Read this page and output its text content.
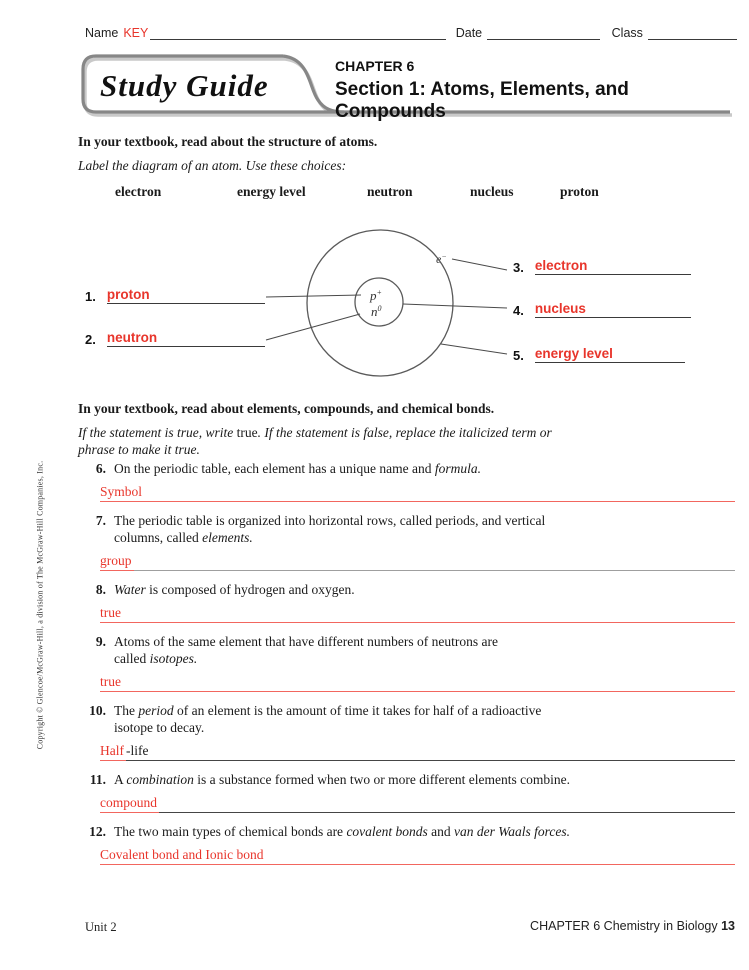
Copyright © Glencoe/McGraw-Hill, a division of The McGraw-Hill Companies, Inc.
Name KEY	Date	Class
Study Guide
CHAPTER 6
Section 1: Atoms, Elements, and Compounds
In your textbook, read about the structure of atoms.
Label the diagram of an atom. Use these choices:
electron	energy level	neutron	nucleus	proton
p+
$n^0$
e−
1. proton
2. neutron
3. electron
4. nucleus
5. energy level
In your textbook, read about elements, compounds, and chemical bonds.
If the statement is true, write true. If the statement is false, replace the italicized term or
phrase to make it true.
6. On the periodic table, each element has a unique name and formula.
Symbol
7. The periodic table is organized into horizontal rows, called periods, and vertical
columns, called elements.
group
8. Water is composed of hydrogen and oxygen.
true
9. Atoms of the same element that have different numbers of neutrons are
called isotopes.
true
10. The period of an element is the amount of time it takes for half of a radioactive
isotope to decay.
Half -life
11. A combination is a substance formed when two or more different elements combine.
compound
12. The two main types of chemical bonds are covalent bonds and van der Waals forces.
Covalent bond and Ionic bond
Unit 2	CHAPTER 6 Chemistry in Biology 13
